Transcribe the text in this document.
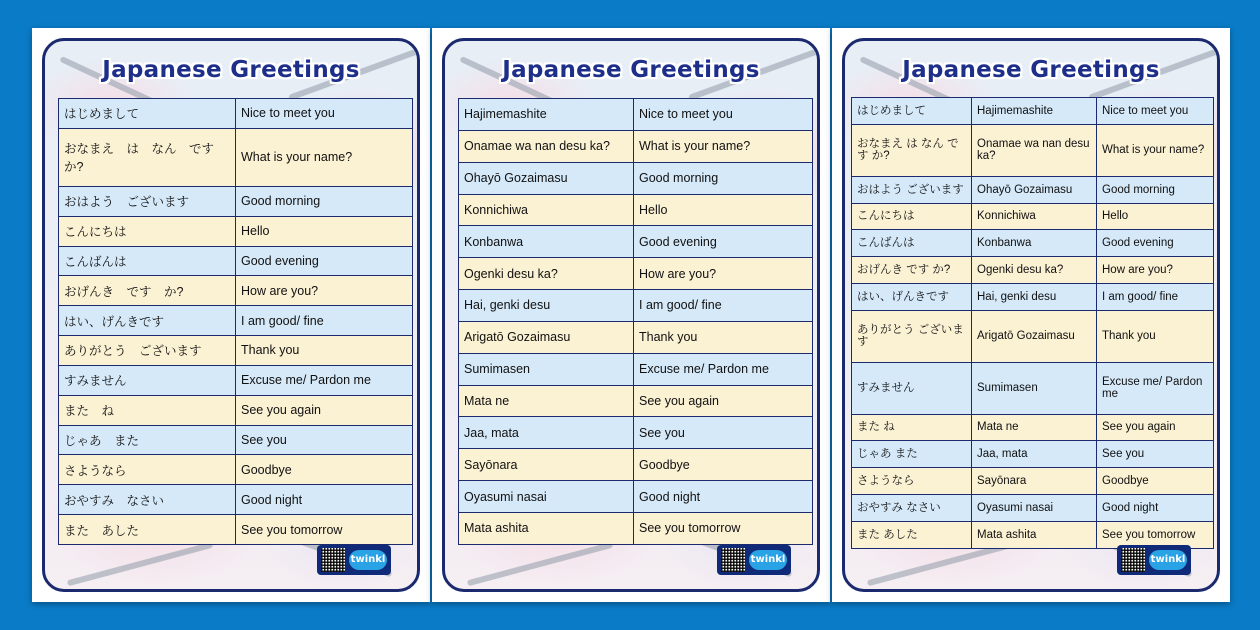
Japanese Greetings
はじめまして	Nice to meet you
おなまえ　は　なん　です　か?	What is your name?
おはよう　ございます	Good morning
こんにちは	Hello
こんばんは	Good evening
おげんき　です　か?	How are you?
はい、げんきです	I am good/ fine
ありがとう　ございます	Thank you
すみません	Excuse me/ Pardon me
また　ね	See you again
じゃあ　また	See you
さようなら	Goodbye
おやすみ　なさい	Good night
また　あした	See you tomorrow
twinkl
Japanese Greetings
Hajimemashite	Nice to meet you
Onamae wa nan desu ka?	What is your name?
Ohayō Gozaimasu	Good morning
Konnichiwa	Hello
Konbanwa	Good evening
Ogenki desu ka?	How are you?
Hai, genki desu	I am good/ fine
Arigatō Gozaimasu	Thank you
Sumimasen	Excuse me/ Pardon me
Mata ne	See you again
Jaa, mata	See you
Sayōnara	Goodbye
Oyasumi nasai	Good night
Mata ashita	See you tomorrow
twinkl
Japanese Greetings
はじめまして	Hajimemashite	Nice to meet you
おなまえ は なん です か?	Onamae wa nan desu ka?	What is your name?
おはよう ございます	Ohayō Gozaimasu	Good morning
こんにちは	Konnichiwa	Hello
こんばんは	Konbanwa	Good evening
おげんき です か?	Ogenki desu ka?	How are you?
はい、げんきです	Hai, genki desu	I am good/ fine
ありがとう ございます	Arigatō Gozaimasu	Thank you
すみません	Sumimasen	Excuse me/ Pardon me
また ね	Mata ne	See you again
じゃあ また	Jaa, mata	See you
さようなら	Sayōnara	Goodbye
おやすみ なさい	Oyasumi nasai	Good night
また あした	Mata ashita	See you tomorrow
twinkl
